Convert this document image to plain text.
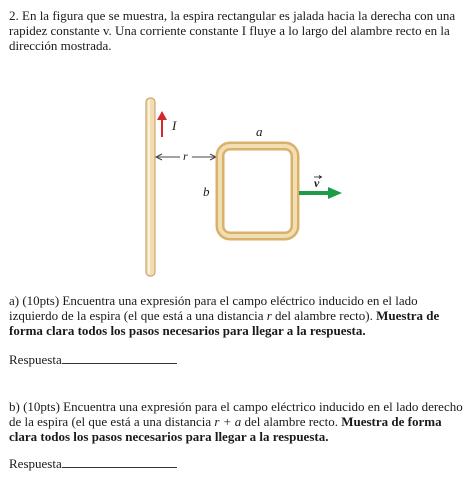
2. En la figura que se muestra, la espira rectangular es jalada hacia la derecha con una rapidez constante v. Una corriente constante I fluye a lo largo del alambre recto en la dirección mostrada.
I
r
a
b
v
a) (10pts) Encuentra una expresión para el campo eléctrico inducido en el lado izquierdo de la espira (el que está a una distancia r del alambre recto). Muestra de forma clara todos los pasos necesarios para llegar a la respuesta.
Respuesta
b) (10pts) Encuentra una expresión para el campo eléctrico inducido en el lado derecho de la espira (el que está a una distancia r + a del alambre recto. Muestra de forma clara todos los pasos necesarios para llegar a la respuesta.
Respuesta
